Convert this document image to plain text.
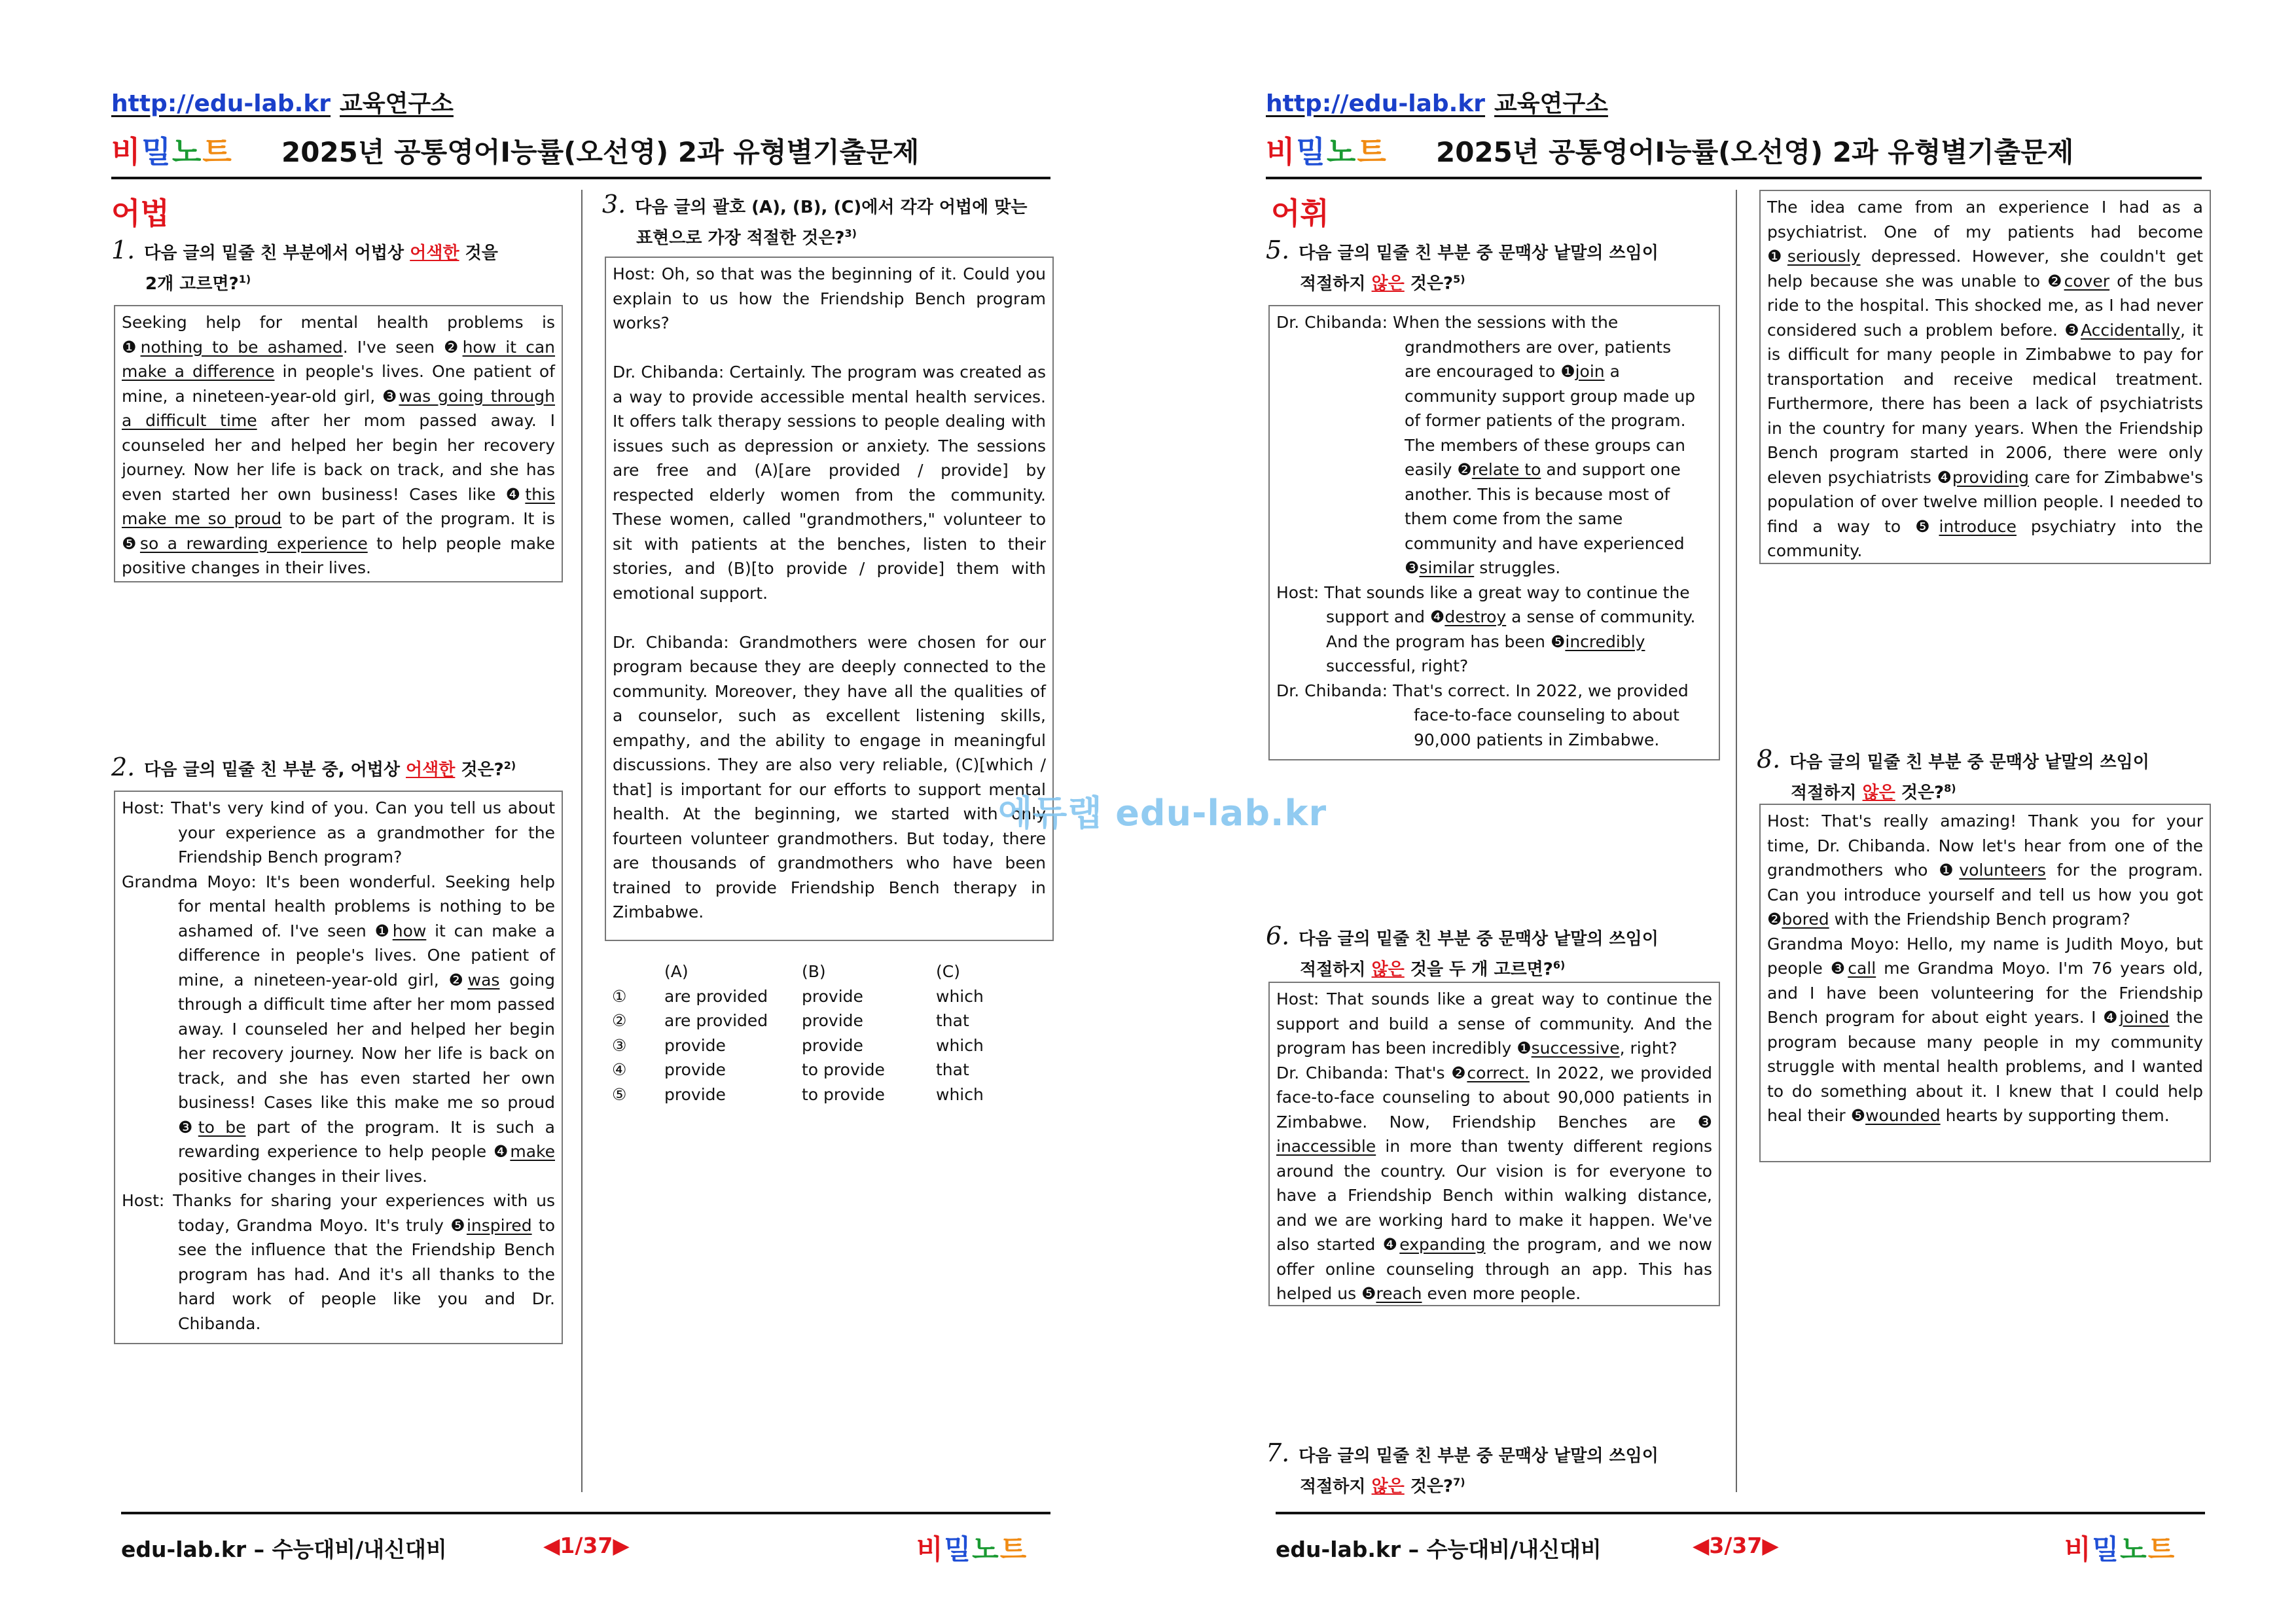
http://edu-lab.kr 교육연구소
비밀노트 2025년 공통영어Ⅰ능률(오선영) 2과 유형별기출문제
어법
1. 다음 글의 밑줄 친 부분에서 어법상 어색한 것을
2개 고르면?$^{1)}$

Seeking help for mental health problems is ❶nothing to be ashamed. I've seen ❷how it can make a difference in people's lives. One patient of mine, a nineteen-year-old girl, ❸was going through a difficult time after her mom passed away. I counseled her and helped her begin her recovery journey. Now her life is back on track, and she has even started her own business! Cases like ❹this make me so proud to be part of the program. It is ❺so a rewarding experience to help people make positive changes in their lives.

2. 다음 글의 밑줄 친 부분 중, 어법상 어색한 것은?$^{2)}$

Host: That's very kind of you. Can you tell us about your experience as a grandmother for the Friendship Bench program?

Grandma Moyo: It's been wonderful. Seeking help for mental health problems is nothing to be ashamed of. I've seen ❶how it can make a difference in people's lives. One patient of mine, a nineteen-year-old girl, ❷was going through a difficult time after her mom passed away. I counseled her and helped her begin her recovery journey. Now her life is back on track, and she has even started her own business! Cases like this make me so proud ❸to be part of the program. It is such a rewarding experience to help people ❹make positive changes in their lives.

Host: Thanks for sharing your experiences with us today, Grandma Moyo. It's truly ❺inspired to see the influence that the Friendship Bench program has had. And it's all thanks to the hard work of people like you and Dr. Chibanda.

3. 다음 글의 괄호 (A), (B), (C)에서 각각 어법에 맞는
표현으로 가장 적절한 것은?$^{3)}$

Host: Oh, so that was the beginning of it. Could you explain to us how the Friendship Bench program works?

Dr. Chibanda: Certainly. The program was created as a way to provide accessible mental health services. It offers talk therapy sessions to people dealing with issues such as depression or anxiety. The sessions are free and (A)[are provided / provide] by respected elderly women from the community. These women, called "grandmothers," volunteer to sit with patients at the benches, listen to their stories, and (B)[to provide / provide] them with emotional support.

Dr. Chibanda: Grandmothers were chosen for our program because they are deeply connected to the community. Moreover, they have all the qualities of a counselor, such as excellent listening skills, empathy, and the ability to engage in meaningful discussions. They are also very reliable, (C)[which / that] is important for our efforts to support mental health. At the beginning, we started with only fourteen volunteer grandmothers. But today, there are thousands of grandmothers who have been trained to provide Friendship Bench therapy in Zimbabwe.

	(A)	(B)	(C)
①	are provided	provide	which
②	are provided	provide	that
③	provide	provide	which
④	provide	to provide	that
⑤	provide	to provide	which
edu-lab.kr – 수능대비/내신대비	◀1/37▶	비밀노트
http://edu-lab.kr 교육연구소
비밀노트 2025년 공통영어Ⅰ능률(오선영) 2과 유형별기출문제
어휘
5. 다음 글의 밑줄 친 부분 중 문맥상 낱말의 쓰임이
적절하지 않은 것은?$^{5)}$

Dr. Chibanda: When the sessions with the grandmothers are over, patients are encouraged to ❶join a community support group made up of former patients of the program. The members of these groups can easily ❷relate to and support one another. This is because most of them come from the same community and have experienced ❸similar struggles.

Host: That sounds like a great way to continue the support and ❹destroy a sense of community. And the program has been ❺incredibly successful, right?

Dr. Chibanda: That's correct. In 2022, we provided face-to-face counseling to about 90,000 patients in Zimbabwe.

6. 다음 글의 밑줄 친 부분 중 문맥상 낱말의 쓰임이
적절하지 않은 것을 두 개 고르면?$^{6)}$

Host: That sounds like a great way to continue the support and build a sense of community. And the program has been incredibly ❶successive, right?

Dr. Chibanda: That's ❷correct. In 2022, we provided face-to-face counseling to about 90,000 patients in Zimbabwe. Now, Friendship Benches are ❸ inaccessible in more than twenty different regions around the country. Our vision is for everyone to have a Friendship Bench within walking distance, and we are working hard to make it happen. We've also started ❹expanding the program, and we now offer online counseling through an app. This has helped us ❺reach even more people.

7. 다음 글의 밑줄 친 부분 중 문맥상 낱말의 쓰임이
적절하지 않은 것은?$^{7)}$

The idea came from an experience I had as a psychiatrist. One of my patients had become ❶seriously depressed. However, she couldn't get help because she was unable to ❷cover of the bus ride to the hospital. This shocked me, as I had never considered such a problem before. ❸Accidentally, it is difficult for many people in Zimbabwe to pay for transportation and receive medical treatment. Furthermore, there has been a lack of psychiatrists in the country for many years. When the Friendship Bench program started in 2006, there were only eleven psychiatrists ❹providing care for Zimbabwe's population of over twelve million people. I needed to find a way to ❺introduce psychiatry into the community.

8. 다음 글의 밑줄 친 부분 중 문맥상 낱말의 쓰임이
적절하지 않은 것은?$^{8)}$

Host: That's really amazing! Thank you for your time, Dr. Chibanda. Now let's hear from one of the grandmothers who ❶volunteers for the program. Can you introduce yourself and tell us how you got ❷bored with the Friendship Bench program?

Grandma Moyo: Hello, my name is Judith Moyo, but people ❸call me Grandma Moyo. I'm 76 years old, and I have been volunteering for the Friendship Bench program for about eight years. I ❹joined the program because many people in my community struggle with mental health problems, and I wanted to do something about it. I knew that I could help heal their ❺wounded hearts by supporting them.

edu-lab.kr – 수능대비/내신대비	◀3/37▶	비밀노트
에듀랩 edu-lab.kr
